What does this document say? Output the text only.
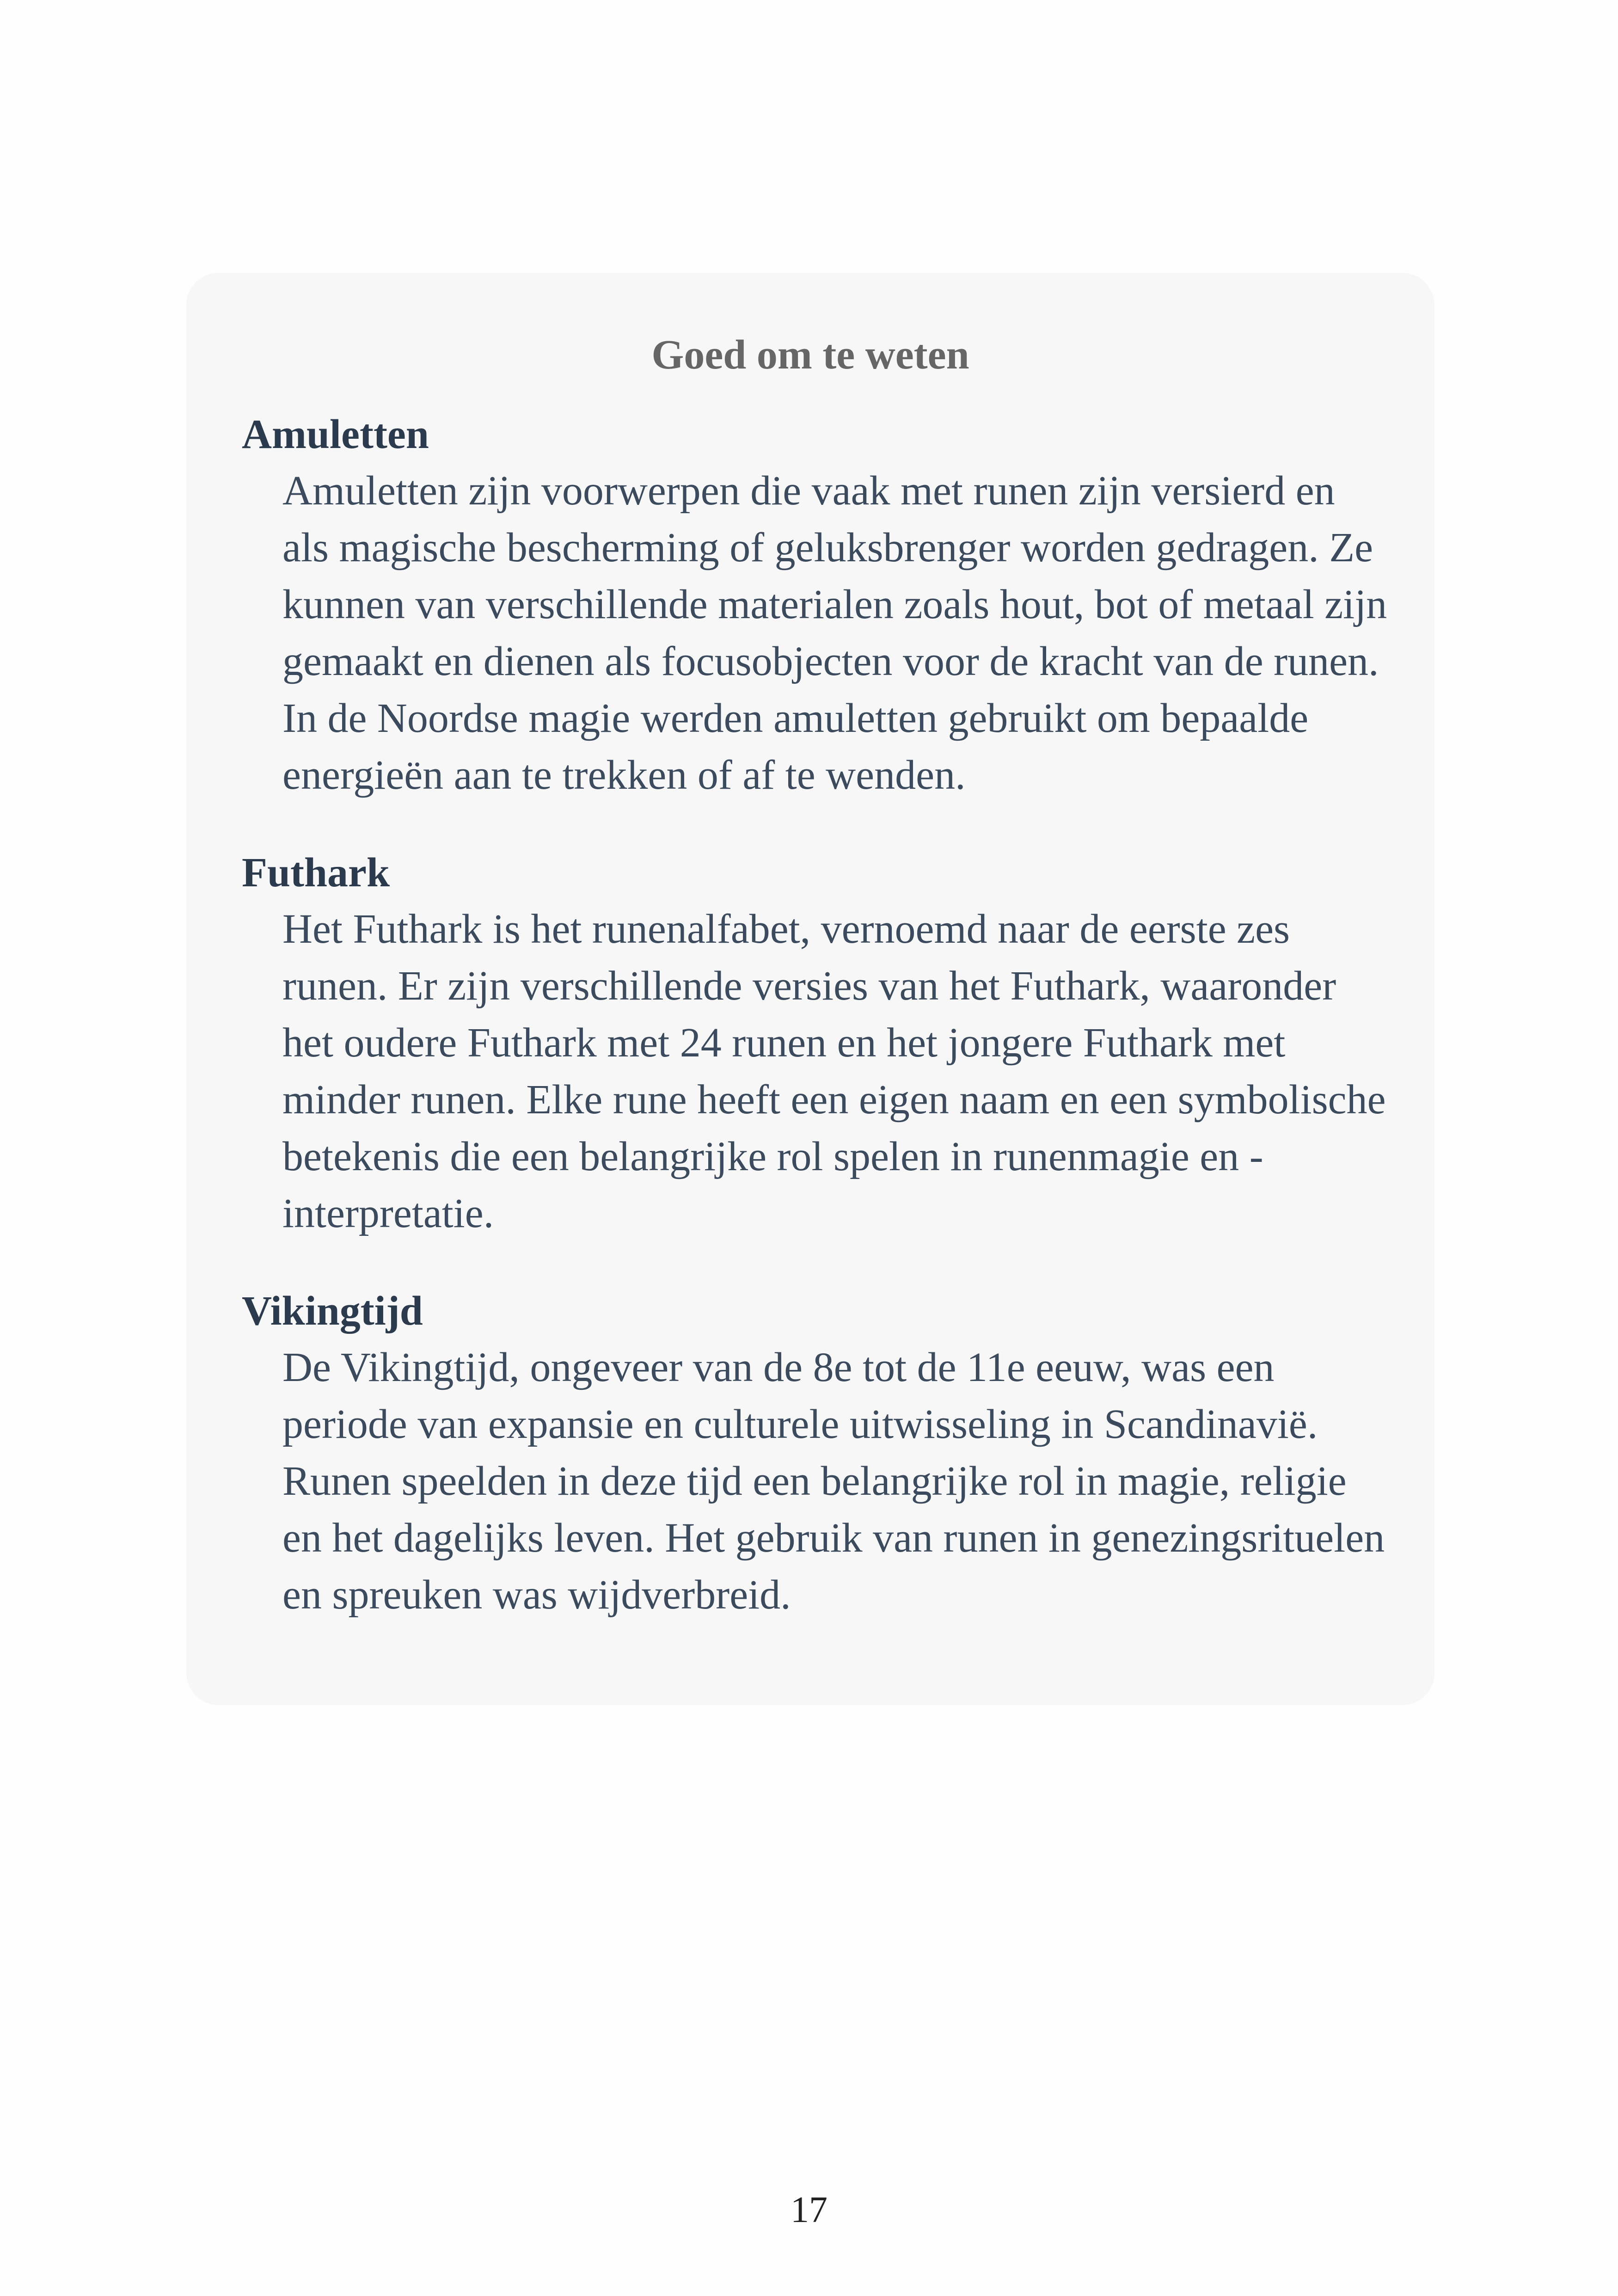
Goed om te weten
Amuletten

Amuletten zijn voorwerpen die vaak met runen zijn versierd en als magische bescherming of geluksbrenger worden gedragen. Ze kunnen van verschillende materialen zoals hout, bot of metaal zijn gemaakt en dienen als focusobjecten voor de kracht van de runen. In de Noordse magie werden amuletten gebruikt om bepaalde energieën aan te trekken of af te wenden.

Futhark

Het Futhark is het runenalfabet, vernoemd naar de eerste zes runen. Er zijn verschillende versies van het Futhark, waaronder het oudere Futhark met 24 runen en het jongere Futhark met minder runen. Elke rune heeft een eigen naam en een symbolische betekenis die een belangrijke rol spelen in runenmagie en -interpretatie.

Vikingtijd

De Vikingtijd, ongeveer van de 8e tot de 11e eeuw, was een periode van expansie en culturele uitwisseling in Scandinavië. Runen speelden in deze tijd een belangrijke rol in magie, religie en het dagelijks leven. Het gebruik van runen in genezingsrituelen en spreuken was wijdverbreid.

17
